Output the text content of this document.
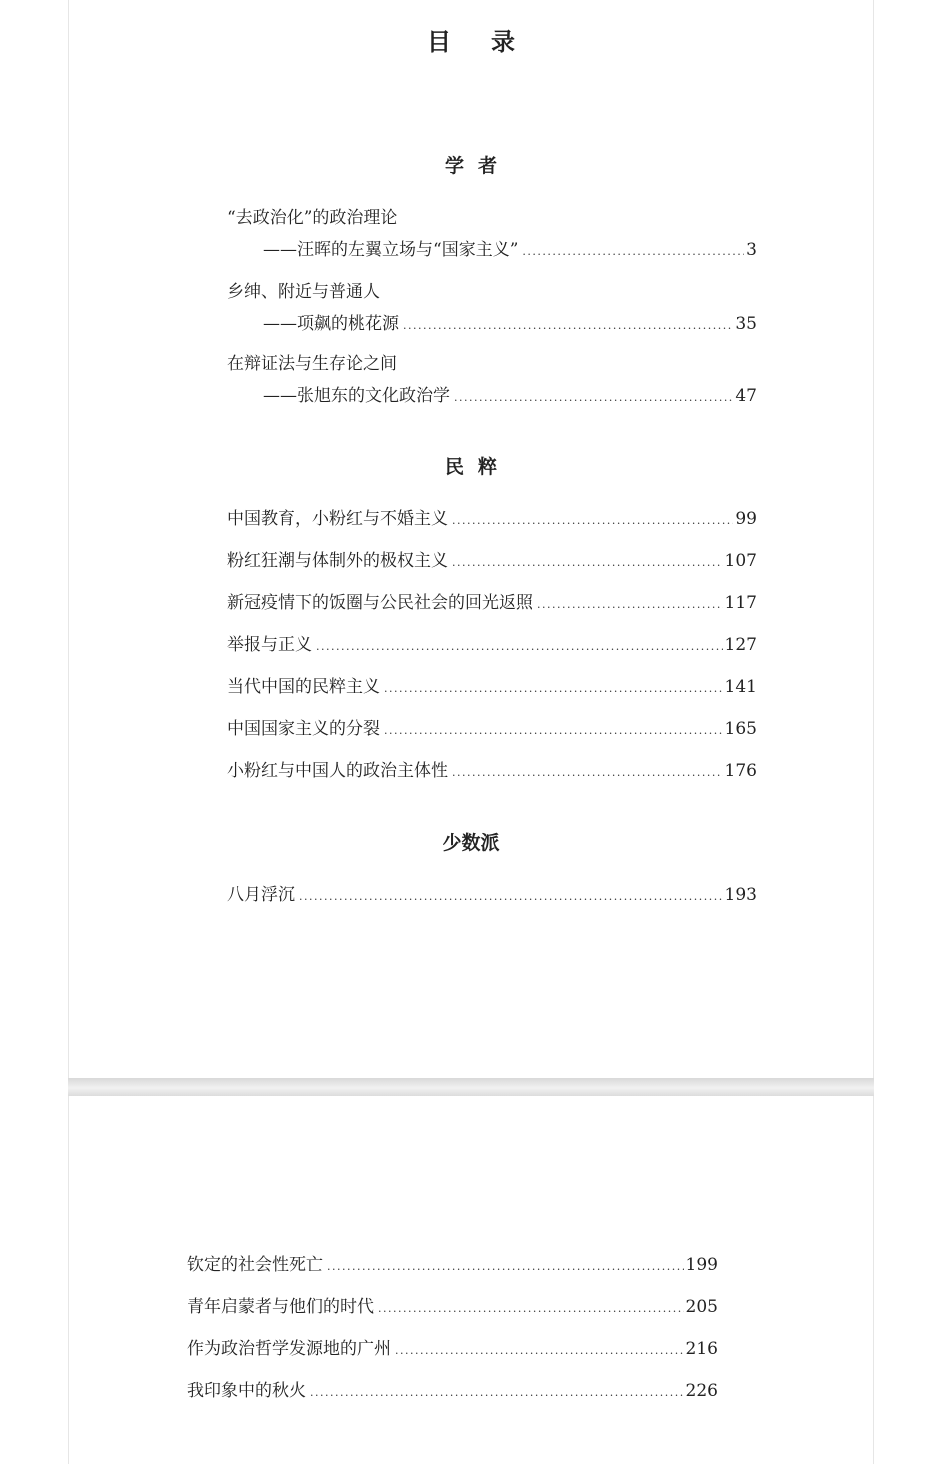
目录
学者
“去政治化”的政治理论
——汪晖的左翼立场与“国家主义” .....	3
乡绅、附近与普通人
——项飙的桃花源 .....	35
在辩证法与生存论之间
——张旭东的文化政治学 .....	47
民粹
中国教育，小粉红与不婚主义 .....	99
粉红狂潮与体制外的极权主义 .....	107
新冠疫情下的饭圈与公民社会的回光返照 .....	117
举报与正义 .....	127
当代中国的民粹主义 .....	141
中国国家主义的分裂 .....	165
小粉红与中国人的政治主体性 .....	176
少数派
八月浮沉 .....	193
钦定的社会性死亡 .....	199
青年启蒙者与他们的时代 .....	205
作为政治哲学发源地的广州 .....	216
我印象中的秋火 .....	226
